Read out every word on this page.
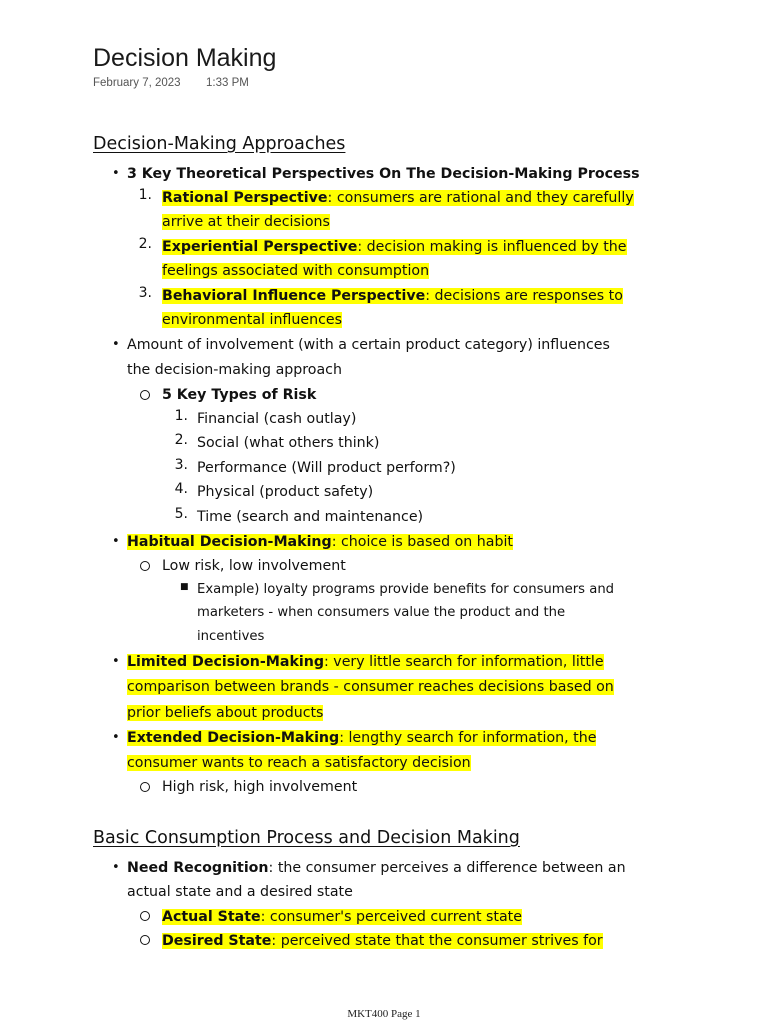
Decision Making
February 7, 2023 1:33 PM
Decision-Making Approaches
• 3 Key Theoretical Perspectives On The Decision-Making Process
1. Rational Perspective: consumers are rational and they carefully
arrive at their decisions
2. Experiential Perspective: decision making is influenced by the
feelings associated with consumption
3. Behavioral Influence Perspective: decisions are responses to
environmental influences
• Amount of involvement (with a certain product category) influences
the decision-making approach
5 Key Types of Risk
1. Financial (cash outlay)
2. Social (what others think)
3. Performance (Will product perform?)
4. Physical (product safety)
5. Time (search and maintenance)
• Habitual Decision-Making: choice is based on habit
Low risk, low involvement
■ Example) loyalty programs provide benefits for consumers and
marketers - when consumers value the product and the
incentives
• Limited Decision-Making: very little search for information, little
comparison between brands - consumer reaches decisions based on
prior beliefs about products
• Extended Decision-Making: lengthy search for information, the
consumer wants to reach a satisfactory decision
High risk, high involvement
Basic Consumption Process and Decision Making
• Need Recognition: the consumer perceives a difference between an
actual state and a desired state
Actual State: consumer's perceived current state
Desired State: perceived state that the consumer strives for
MKT400 Page 1
